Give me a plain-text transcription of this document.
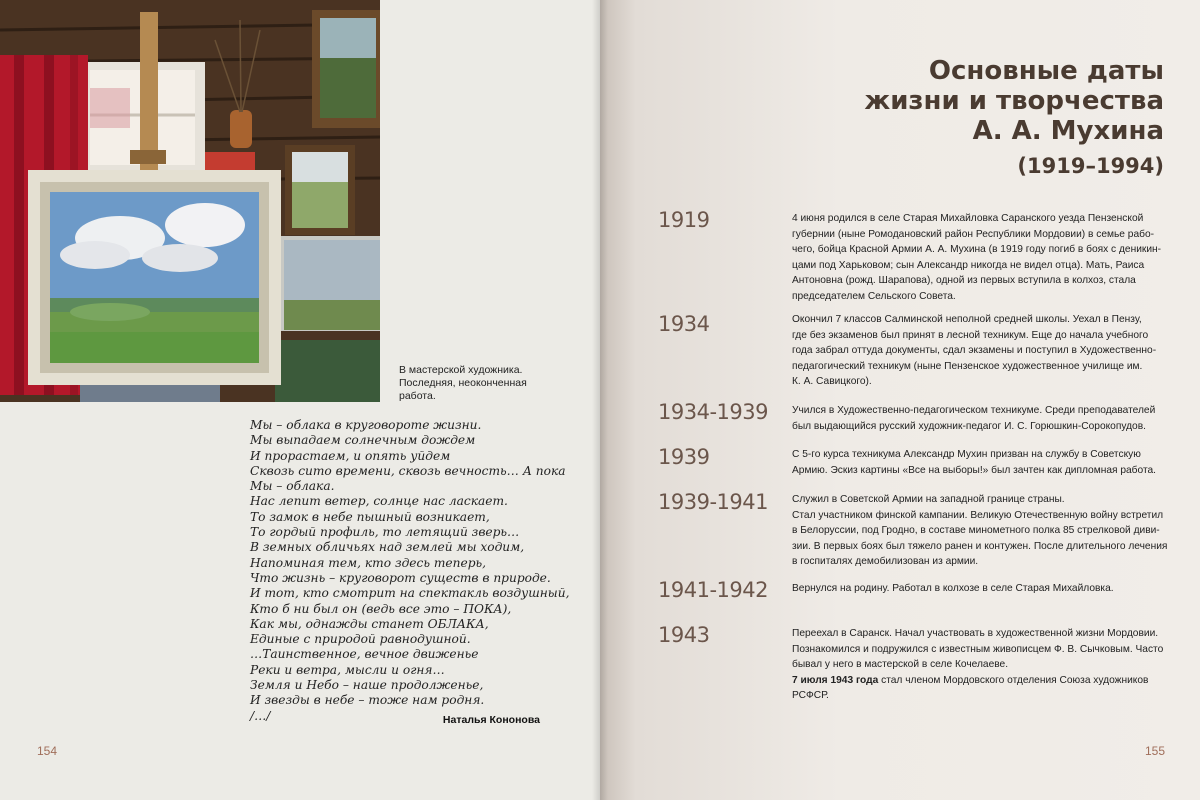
В мастерской художника.
Последняя, неоконченная
работа.
Мы – облака в круговороте жизни.
Мы выпадаем солнечным дождем
И прорастаем, и опять уйдем
Сквозь сито времени, сквозь вечность… А пока
Мы – облака.
Нас лепит ветер, солнце нас ласкает.
То замок в небе пышный возникает,
То гордый профиль, то летящий зверь…
В земных обличьях над землей мы ходим,
Напоминая тем, кто здесь теперь,
Что жизнь – круговорот существ в природе.
И тот, кто смотрит на спектакль воздушный,
Кто б ни был он (ведь все это – ПОКА),
Как мы, однажды станет ОБЛАКА,
Единые с природой равнодушной.
…Таинственное, вечное движенье
Реки и ветра, мысли и огня…
Земля и Небо – наше продолженье,
И звезды в небе – тоже нам родня.
/…/	Наталья Кононова
154
Основные даты
жизни и творчества
А. А. Мухина
(1919–1994)
1919	4 июня родился в селе Старая Михайловка Саранского уезда Пензенской
губернии (ныне Ромодановский район Республики Мордовии) в семье рабо-
чего, бойца Красной Армии А. А. Мухина (в 1919 году погиб в боях с деникин-
цами под Харьковом; сын Александр никогда не видел отца). Мать, Раиса
Антоновна (рожд. Шарапова), одной из первых вступила в колхоз, стала
председателем Сельского Совета.
1934	Окончил 7 классов Салминской неполной средней школы. Уехал в Пензу,
где без экзаменов был принят в лесной техникум. Еще до начала учебного
года забрал оттуда документы, сдал экзамены и поступил в Художественно-
педагогический техникум (ныне Пензенское художественное училище им.
К. А. Савицкого).
1934-1939 Учился в Художественно-педагогическом техникуме. Среди преподавателей
был выдающийся русский художник-педагог И. С. Горюшкин-Сорокопудов.
1939	С 5-го курса техникума Александр Мухин призван на службу в Советскую
Армию. Эскиз картины «Все на выборы!» был зачтен как дипломная работа.
1939-1941 Служил в Советской Армии на западной границе страны.
Стал участником финской кампании. Великую Отечественную войну встретил
в Белоруссии, под Гродно, в составе минометного полка 85 стрелковой диви-
зии. В первых боях был тяжело ранен и контужен. После длительного лечения
в госпиталях демобилизован из армии.
1941-1942 Вернулся на родину. Работал в колхозе в селе Старая Михайловка.
1943	Переехал в Саранск. Начал участвовать в художественной жизни Мордовии.
Познакомился и подружился с известным живописцем Ф. В. Сычковым. Часто
бывал у него в мастерской в селе Кочелаеве.
7 июля 1943 года стал членом Мордовского отделения Союза художников
РСФСР.
155
